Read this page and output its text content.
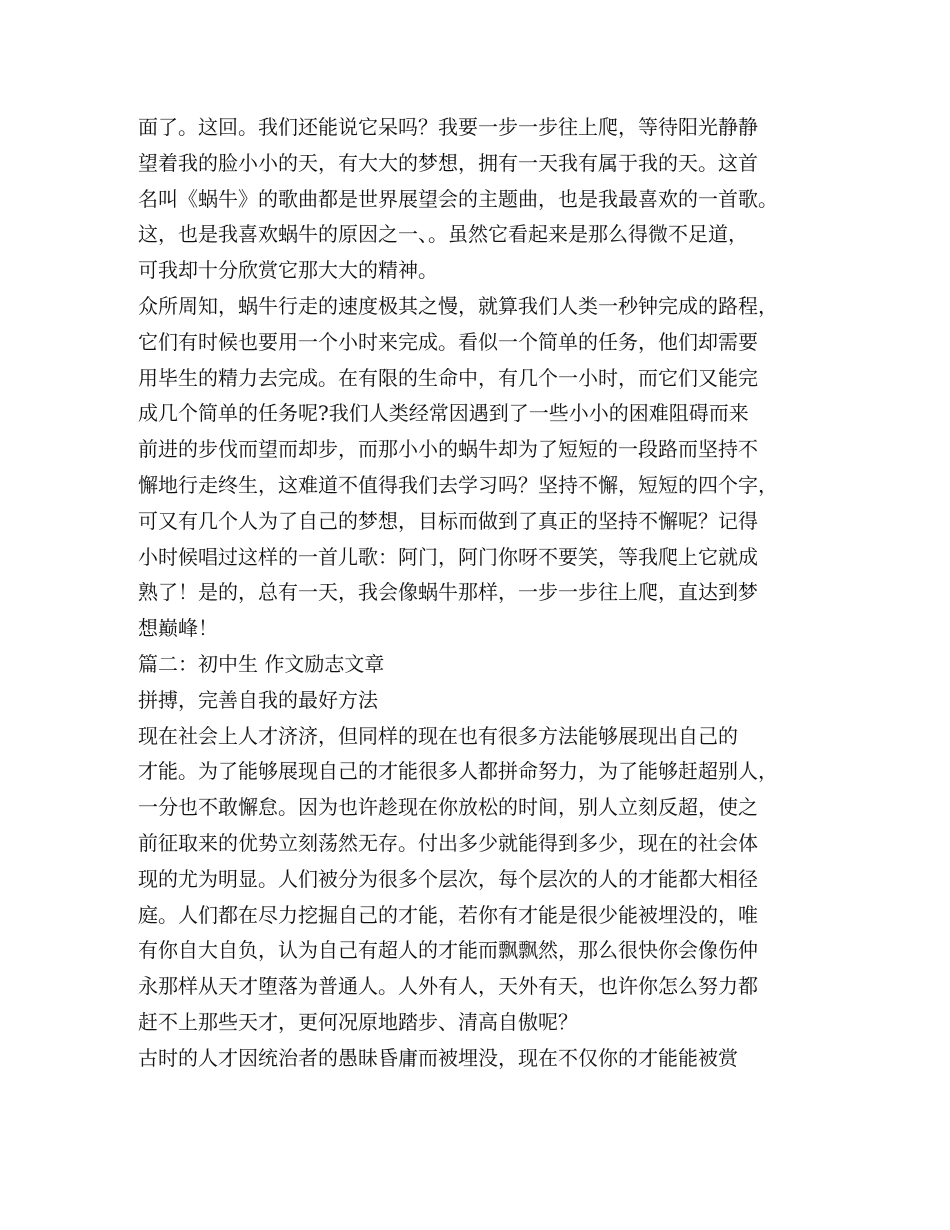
面了。这回。我们还能说它呆吗？我要一步一步往上爬，等待阳光静静
望着我的脸小小的天，有大大的梦想，拥有一天我有属于我的天。这首
名叫《蜗牛》的歌曲都是世界展望会的主题曲，也是我最喜欢的一首歌。
这，也是我喜欢蜗牛的原因之一、。虽然它看起来是那么得微不足道，
可我却十分欣赏它那大大的精神。
众所周知，蜗牛行走的速度极其之慢，就算我们人类一秒钟完成的路程，
它们有时候也要用一个小时来完成。看似一个简单的任务，他们却需要
用毕生的精力去完成。在有限的生命中，有几个一小时，而它们又能完
成几个简单的任务呢?我们人类经常因遇到了一些小小的困难阻碍而来
前进的步伐而望而却步，而那小小的蜗牛却为了短短的一段路而坚持不
懈地行走终生，这难道不值得我们去学习吗？坚持不懈，短短的四个字，
可又有几个人为了自己的梦想，目标而做到了真正的坚持不懈呢？记得
小时候唱过这样的一首儿歌：阿门，阿门你呀不要笑，等我爬上它就成
熟了！是的，总有一天，我会像蜗牛那样，一步一步往上爬，直达到梦
想巅峰！
篇二：初中生 作文励志文章
拼搏，完善自我的最好方法
现在社会上人才济济，但同样的现在也有很多方法能够展现出自己的
才能。为了能够展现自己的才能很多人都拼命努力，为了能够赶超别人，
一分也不敢懈怠。因为也许趁现在你放松的时间，别人立刻反超，使之
前征取来的优势立刻荡然无存。付出多少就能得到多少，现在的社会体
现的尤为明显。人们被分为很多个层次，每个层次的人的才能都大相径
庭。人们都在尽力挖掘自己的才能，若你有才能是很少能被埋没的，唯
有你自大自负，认为自己有超人的才能而飘飘然，那么很快你会像伤仲
永那样从天才堕落为普通人。人外有人，天外有天，也许你怎么努力都
赶不上那些天才，更何况原地踏步、清高自傲呢？
古时的人才因统治者的愚昧昏庸而被埋没，现在不仅你的才能能被赏
